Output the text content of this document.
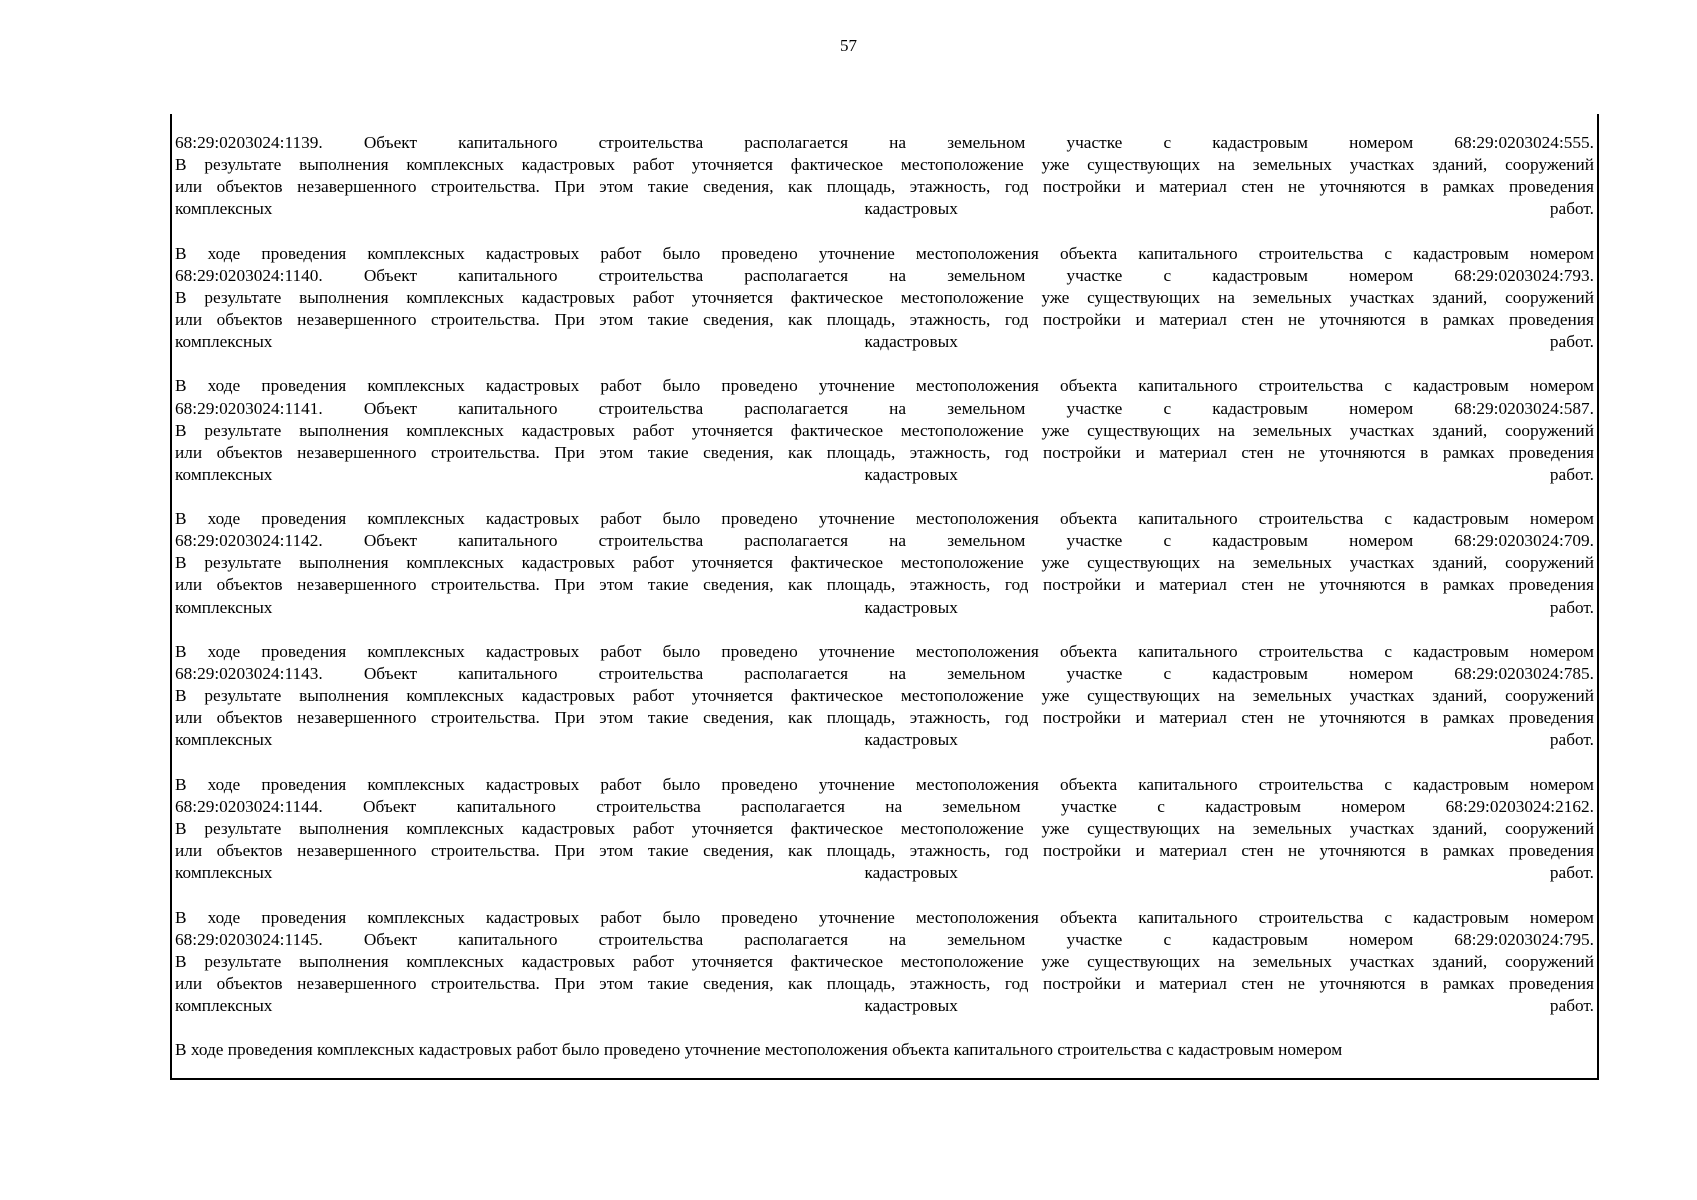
57
68:29:0203024:1139. Объект капитального строительства располагается на земельном участке с кадастровым номером 68:29:0203024:555.
В результате выполнения комплексных кадастровых работ уточняется фактическое местоположение уже существующих на земельных участках зданий, сооружений
или объектов незавершенного строительства. При этом такие сведения, как площадь, этажность, год постройки и материал стен не уточняются в рамках проведения
комплексных	кадастровых	работ.
В ходе проведения комплексных кадастровых работ было проведено уточнение местоположения объекта капитального строительства с кадастровым номером
68:29:0203024:1140. Объект капитального строительства располагается на земельном участке с кадастровым номером 68:29:0203024:793.
В результате выполнения комплексных кадастровых работ уточняется фактическое местоположение уже существующих на земельных участках зданий, сооружений
или объектов незавершенного строительства. При этом такие сведения, как площадь, этажность, год постройки и материал стен не уточняются в рамках проведения
комплексных	кадастровых	работ.
В ходе проведения комплексных кадастровых работ было проведено уточнение местоположения объекта капитального строительства с кадастровым номером
68:29:0203024:1141. Объект капитального строительства располагается на земельном участке с кадастровым номером 68:29:0203024:587.
В результате выполнения комплексных кадастровых работ уточняется фактическое местоположение уже существующих на земельных участках зданий, сооружений
или объектов незавершенного строительства. При этом такие сведения, как площадь, этажность, год постройки и материал стен не уточняются в рамках проведения
комплексных	кадастровых	работ.
В ходе проведения комплексных кадастровых работ было проведено уточнение местоположения объекта капитального строительства с кадастровым номером
68:29:0203024:1142. Объект капитального строительства располагается на земельном участке с кадастровым номером 68:29:0203024:709.
В результате выполнения комплексных кадастровых работ уточняется фактическое местоположение уже существующих на земельных участках зданий, сооружений
или объектов незавершенного строительства. При этом такие сведения, как площадь, этажность, год постройки и материал стен не уточняются в рамках проведения
комплексных	кадастровых	работ.
В ходе проведения комплексных кадастровых работ было проведено уточнение местоположения объекта капитального строительства с кадастровым номером
68:29:0203024:1143. Объект капитального строительства располагается на земельном участке с кадастровым номером 68:29:0203024:785.
В результате выполнения комплексных кадастровых работ уточняется фактическое местоположение уже существующих на земельных участках зданий, сооружений
или объектов незавершенного строительства. При этом такие сведения, как площадь, этажность, год постройки и материал стен не уточняются в рамках проведения
комплексных	кадастровых	работ.
В ходе проведения комплексных кадастровых работ было проведено уточнение местоположения объекта капитального строительства с кадастровым номером
68:29:0203024:1144. Объект капитального строительства располагается на земельном участке с кадастровым номером 68:29:0203024:2162.
В результате выполнения комплексных кадастровых работ уточняется фактическое местоположение уже существующих на земельных участках зданий, сооружений
или объектов незавершенного строительства. При этом такие сведения, как площадь, этажность, год постройки и материал стен не уточняются в рамках проведения
комплексных	кадастровых	работ.
В ходе проведения комплексных кадастровых работ было проведено уточнение местоположения объекта капитального строительства с кадастровым номером
68:29:0203024:1145. Объект капитального строительства располагается на земельном участке с кадастровым номером 68:29:0203024:795.
В результате выполнения комплексных кадастровых работ уточняется фактическое местоположение уже существующих на земельных участках зданий, сооружений
или объектов незавершенного строительства. При этом такие сведения, как площадь, этажность, год постройки и материал стен не уточняются в рамках проведения
комплексных	кадастровых	работ.
В ходе проведения комплексных кадастровых работ было проведено уточнение местоположения объекта капитального строительства с кадастровым номером
